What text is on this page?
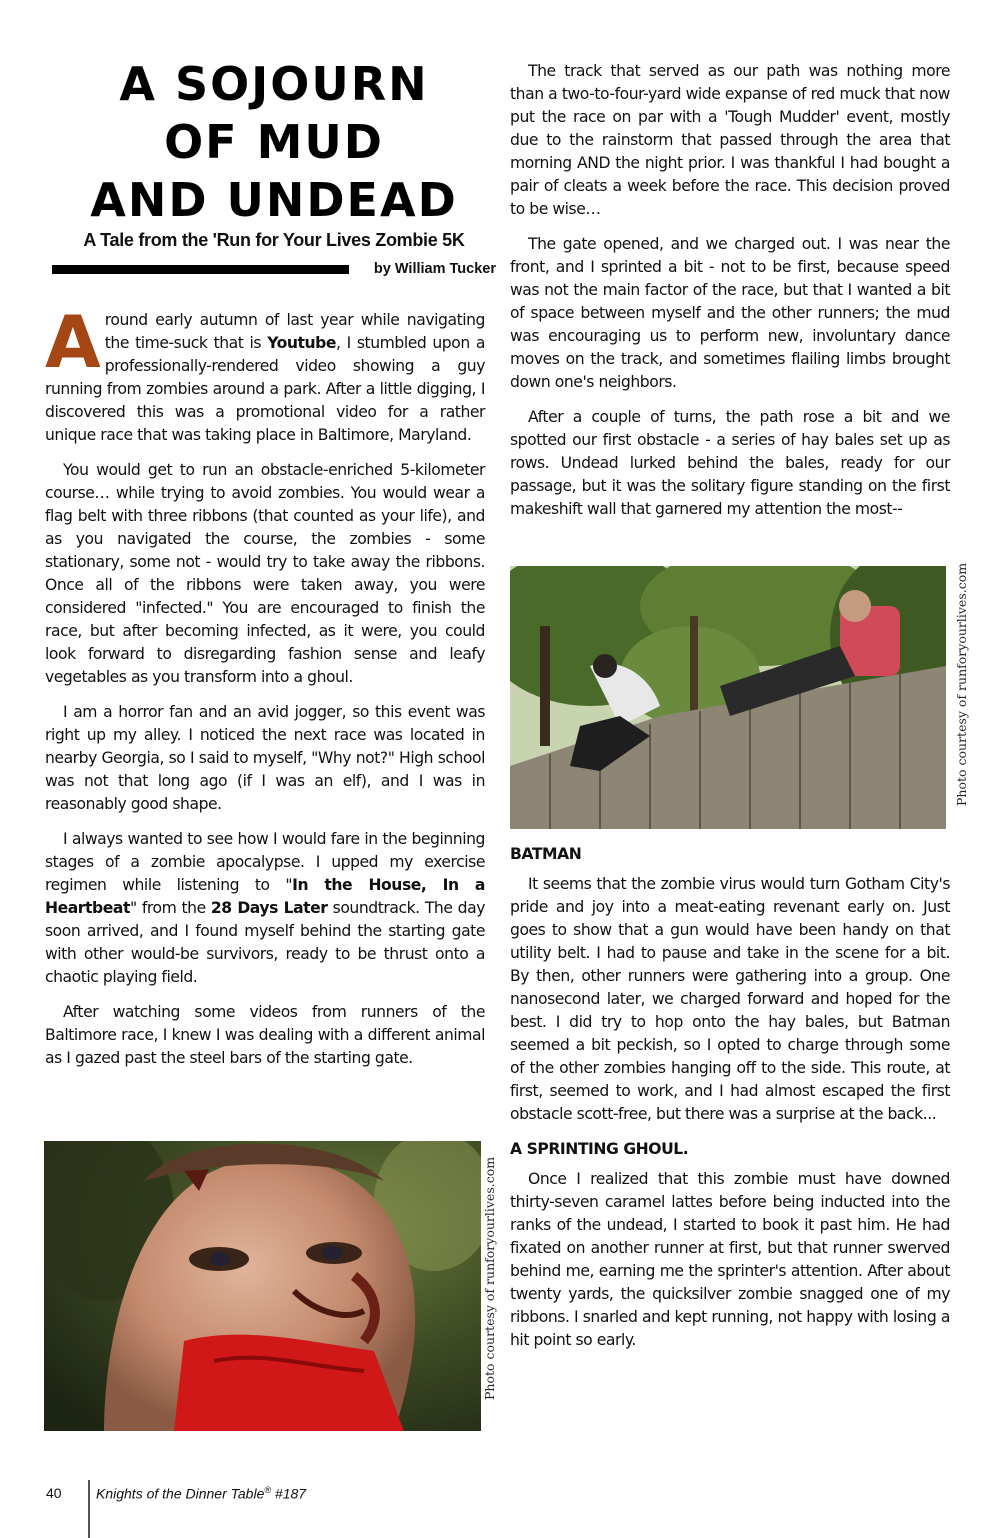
A SOJOURN
OF MUD
AND UNDEAD
A Tale from the 'Run for Your Lives Zombie 5K
by William Tucker

Around early autumn of last year while navigating the time-suck that is Youtube, I stumbled upon a professionally-rendered video showing a guy running from zombies around a park. After a little digging, I discovered this was a promotional video for a rather unique race that was taking place in Baltimore, Maryland.

You would get to run an obstacle-enriched 5-kilometer course… while trying to avoid zombies. You would wear a flag belt with three ribbons (that counted as your life), and as you navigated the course, the zombies - some stationary, some not - would try to take away the ribbons. Once all of the ribbons were taken away, you were considered "infected." You are encouraged to finish the race, but after becoming infected, as it were, you could look forward to disregarding fashion sense and leafy vegetables as you transform into a ghoul.

I am a horror fan and an avid jogger, so this event was right up my alley. I noticed the next race was located in nearby Georgia, so I said to myself, "Why not?" High school was not that long ago (if I was an elf), and I was in reasonably good shape.

I always wanted to see how I would fare in the beginning stages of a zombie apocalypse. I upped my exercise regimen while listening to "In the House, In a Heartbeat" from the 28 Days Later soundtrack. The day soon arrived, and I found myself behind the starting gate with other would-be survivors, ready to be thrust onto a chaotic playing field.

After watching some videos from runners of the Baltimore race, I knew I was dealing with a different animal as I gazed past the steel bars of the starting gate.

Photo courtesy of runforyourlives.com

The track that served as our path was nothing more than a two-to-four-yard wide expanse of red muck that now put the race on par with a 'Tough Mudder' event, mostly due to the rainstorm that passed through the area that morning AND the night prior. I was thankful I had bought a pair of cleats a week before the race. This decision proved to be wise…

The gate opened, and we charged out. I was near the front, and I sprinted a bit - not to be first, because speed was not the main factor of the race, but that I wanted a bit of space between myself and the other runners; the mud was encouraging us to perform new, involuntary dance moves on the track, and sometimes flailing limbs brought down one's neighbors.

After a couple of turns, the path rose a bit and we spotted our first obstacle - a series of hay bales set up as rows. Undead lurked behind the bales, ready for our passage, but it was the solitary figure standing on the first makeshift wall that garnered my attention the most--

Photo courtesy of runforyourlives.com
BATMAN

It seems that the zombie virus would turn Gotham City's pride and joy into a meat-eating revenant early on. Just goes to show that a gun would have been handy on that utility belt. I had to pause and take in the scene for a bit. By then, other runners were gathering into a group. One nanosecond later, we charged forward and hoped for the best. I did try to hop onto the hay bales, but Batman seemed a bit peckish, so I opted to charge through some of the other zombies hanging off to the side. This route, at first, seemed to work, and I had almost escaped the first obstacle scott-free, but there was a surprise at the back...

A SPRINTING GHOUL.

Once I realized that this zombie must have downed thirty-seven caramel lattes before being inducted into the ranks of the undead, I started to book it past him. He had fixated on another runner at first, but that runner swerved behind me, earning me the sprinter's attention. After about twenty yards, the quicksilver zombie snagged one of my ribbons. I snarled and kept running, not happy with losing a hit point so early.

40 Knights of the Dinner Table® #187
